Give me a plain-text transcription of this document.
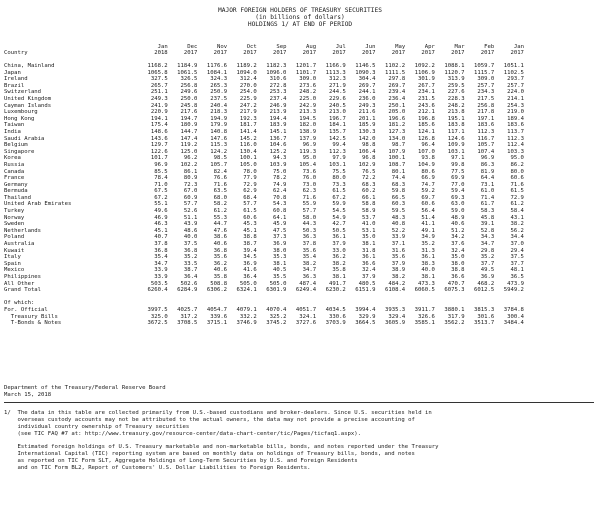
MAJOR FOREIGN HOLDERS OF TREASURY SECURITIES
(in billions of dollars)
HOLDINGS 1/ AT END OF PERIOD
	Jan	Dec	Nov	Oct	Sep	Aug	Jul	Jun	May	Apr	Mar	Feb	Jan
Country	2018	2017	2017	2017	2017	2017	2017	2017	2017	2017	2017	2017	2017

China, Mainland	1168.2	1184.9	1176.6	1189.2	1182.3	1201.7	1166.9	1146.5	1102.2	1092.2	1088.1	1059.7	1051.1
Japan	1065.8	1061.5	1084.1	1094.0	1096.0	1101.7	1113.3	1090.3	1111.5	1106.9	1120.7	1115.7	1102.5
Ireland	327.5	326.5	324.3	312.4	310.6	309.0	312.3	304.4	297.8	301.9	313.9	309.0	293.7
Brazil	265.7	256.8	265.3	270.0	272.8	273.6	271.9	269.7	269.7	267.7	259.5	257.7	257.7
Switzerland	251.1	249.6	250.9	254.0	253.3	248.2	244.5	244.1	239.4	234.1	227.6	234.3	224.0
United Kingdom	249.3	250.0	237.5	225.9	237.4	225.0	229.6	236.0	236.4	231.5	228.3	217.5	214.1
Cayman Islands	241.9	245.8	240.4	247.2	246.9	242.9	240.5	249.3	250.1	243.6	248.2	256.8	254.3
Luxembourg	220.9	217.6	218.3	217.9	213.9	213.3	213.0	211.6	205.0	212.1	213.8	217.8	219.0
Hong Kong	194.1	194.7	194.9	192.3	194.4	194.5	196.7	201.1	196.6	196.8	195.1	197.1	189.4
Taiwan	175.4	180.9	179.9	181.7	183.9	182.0	184.1	185.9	181.2	185.6	183.8	183.6	183.6
India	148.6	144.7	140.8	141.4	145.1	138.9	135.7	130.3	127.3	124.1	117.1	112.3	113.7
Saudi Arabia	143.6	147.4	147.6	145.2	136.7	137.9	142.5	142.0	134.0	126.8	124.6	116.7	112.3
Belgium	129.7	119.2	115.3	116.0	104.6	96.9	99.4	98.8	98.7	96.4	109.9	105.7	112.4
Singapore	122.6	125.0	124.2	130.4	125.2	119.3	112.3	106.4	107.9	107.0	103.1	107.4	103.3
Korea	101.7	96.2	98.5	100.1	94.3	95.0	97.9	96.8	100.1	93.8	97.1	96.9	95.0
Russia	96.9	102.2	105.7	105.0	103.9	105.4	103.1	102.9	108.7	104.9	99.8	86.3	86.2
Canada	85.5	86.1	82.4	78.0	75.0	73.6	75.5	76.5	80.1	80.6	77.5	81.9	80.0
France	78.4	80.9	76.6	77.9	78.2	76.0	80.0	72.2	74.4	66.9	69.9	64.4	60.6
Germany	71.0	72.3	71.6	72.9	74.9	73.0	73.3	68.3	68.3	74.7	77.0	73.1	71.6
Bermuda	67.5	67.0	63.5	62.9	62.4	62.3	61.5	60.2	59.8	59.2	59.4	61.0	61.5
Thailand	67.2	60.9	68.0	68.4	70.8	71.6	67.2	66.1	66.5	69.7	69.3	71.4	72.9
United Arab Emirates	55.1	57.7	58.2	57.7	54.3	55.9	59.9	58.8	60.3	60.6	63.0	61.7	61.2
Turkey	49.6	52.6	61.2	61.5	60.8	57.7	54.5	58.9	59.5	56.4	59.0	58.3	58.4
Norway	46.9	51.1	55.3	60.6	64.1	58.0	54.9	53.7	48.3	51.4	48.9	45.8	43.1
Sweden	46.3	43.9	44.7	45.3	45.9	44.3	42.7	41.0	40.8	41.1	40.6	39.1	38.2
Netherlands	45.1	48.6	47.6	45.1	47.5	50.3	50.5	53.1	52.2	49.1	51.2	52.8	56.2
Poland	40.7	40.0	38.6	38.8	37.3	36.3	36.1	35.0	33.9	34.9	34.2	34.3	34.4
Australia	37.8	37.5	40.6	38.7	36.9	37.8	37.9	38.1	37.1	35.2	37.6	34.7	37.0
Kuwait	36.8	36.8	36.8	39.4	38.0	35.6	33.0	31.8	31.6	31.3	32.4	29.8	29.4
Italy	35.4	35.2	35.6	34.5	35.3	35.4	36.2	36.1	35.6	36.1	35.0	35.2	37.5
Spain	34.7	33.5	36.2	36.9	38.1	38.2	38.2	36.6	37.9	38.3	38.0	37.7	37.7
Mexico	33.9	38.7	40.6	41.6	40.5	34.7	35.8	32.4	38.9	40.0	38.8	49.5	48.1
Philippines	33.9	36.4	35.8	36.4	35.5	36.3	38.1	37.9	38.2	38.1	36.6	36.9	36.5
All Other	503.5	502.6	508.8	505.0	505.0	487.4	491.7	480.5	484.2	473.3	470.7	468.2	473.9
Grand Total	6260.4	6284.9	6306.2	6324.1	6301.9	6249.4	6230.2	6151.9	6108.4	6060.5	6075.3	6012.5	5949.2

Of which:													
For. Official	3997.5	4025.7	4054.7	4079.1	4070.4	4051.7	4034.5	3994.4	3935.3	3911.7	3880.1	3815.3	3784.8
Treasury Bills	325.0	317.2	339.6	332.2	325.2	324.1	330.6	329.9	329.4	326.6	317.9	301.6	300.4
T-Bonds & Notes	3672.5	3708.5	3715.1	3746.9	3745.2	3727.6	3703.9	3664.5	3605.9	3585.1	3562.2	3513.7	3484.4
Department of the Treasury/Federal Reserve Board
March 15, 2018
1/  The data in this table are collected primarily from U.S.-based custodians and broker-dealers. Since U.S. securities held in
overseas custody accounts may not be attributed to the actual owners, the data may not provide a precise accounting of
individual country ownership of Treasury securities
(see TIC FAQ #7 at: http://www.treasury.gov/resource-center/data-chart-center/tic/Pages/ticfaq1.aspx).
Estimated foreign holdings of U.S. Treasury marketable and non-marketable bills, bonds, and notes reported under the Treasury
International Capital (TIC) reporting system are based on monthly data on holdings of Treasury bills, bonds, and notes
as reported on TIC Form SLT, Aggregate Holdings of Long-Term Securities by U.S. and Foreign Residents
and on TIC Form BL2, Report of Customers' U.S. Dollar Liabilities to Foreign Residents.
